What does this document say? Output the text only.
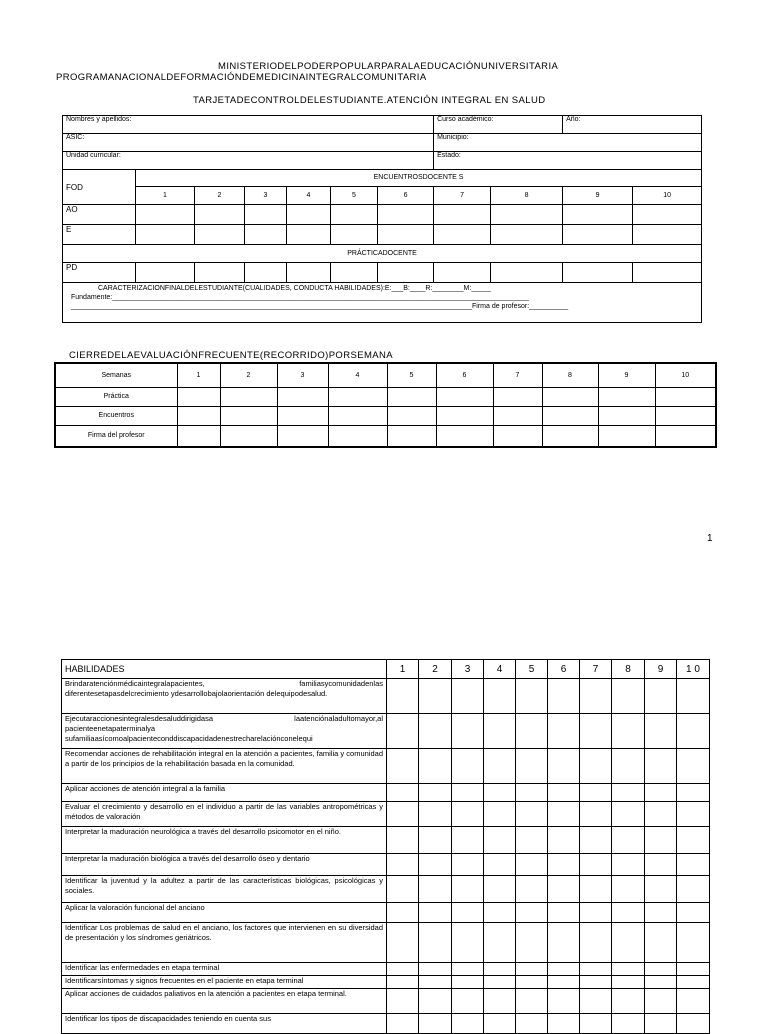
MINISTERIODELPODERPOPULARPARALAEDUCACIÓNUNIVERSITARIA
PROGRAMANACIONALDEFORMACIÓNDEMEDICINAINTEGRALCOMUNITARIA
TARJETADECONTROLDELESTUDIANTE.ATENCIÓN INTEGRAL EN SALUD
Nombres y apellidos:							Curso académico:		Año:	
ASIC:							Municipio:			
Unidad curricular:							Estado:			
FOD	ENCUENTROSDOCENTE S									
	1	2	3	4	5	6	7	8	9	10
AO										
E										
PRÁCTICADOCENTE										
PD										

CARACTERIZACIONFINALDELESTUDIANTE(CUALIDADES, CONDUCTA HABILIDADES):E:___B:____R:________M:_____
Fundamente:___________________________________________________________________________________________________________
_______________________________________________________________________________________________________Firma de profesor:__________										
CIERREDELAEVALUACIÓNFRECUENTE(RECORRIDO)PORSEMANA
Semanas	1	2	3	4	5	6	7	8	9	10
Práctica										
Encuentros										
Firma del profesor										
1
HABILIDADES	1	2	3	4	5	6	7	8	9	1 0
Brindaratenciónmédicaintegralapacientes, familiasycomunidadenlas diferentesetapasdelcrecimiento ydesarrollobajolaorientación delequipodesalud.										
Ejecutaraccionesintegralesdesaluddirigidasa laatenciónaladultomayor,al pacienteenetapaterminalya sufamiliaasícomoalpacienteconddiscapacidadenestrecharelaciónconelequi										
Recomendar acciones de rehabilitación integral en la atención a pacientes, familia y comunidad a partir de los principios de la rehabilitación basada en la comunidad.										
Aplicar acciones de atención integral a la familia										
Evaluar el crecimiento y desarrollo en el individuo a partir de las variables antropométricas y métodos de valoración										
Interpretar la maduración neurológica a través del desarrollo psicomotor en el niño.										
Interpretar la maduración biológica a través del desarrollo óseo y dentario										
Identificar la juventud y la adultez a partir de las características biológicas, psicológicas y sociales.										
Aplicar la valoración funcional del anciano										
Identificar Los problemas de salud en el anciano, los factores que intervienen en su diversidad de presentación y los síndromes geriátricos.										
Identificar las enfermedades en etapa terminal										
Identificarsíntomas y signos frecuentes en el paciente en etapa terminal										
Aplicar acciones de cuidados paliativos en la atención a pacientes en etapa terminal.										
Identificar los tipos de discapacidades teniendo en cuenta sus										
